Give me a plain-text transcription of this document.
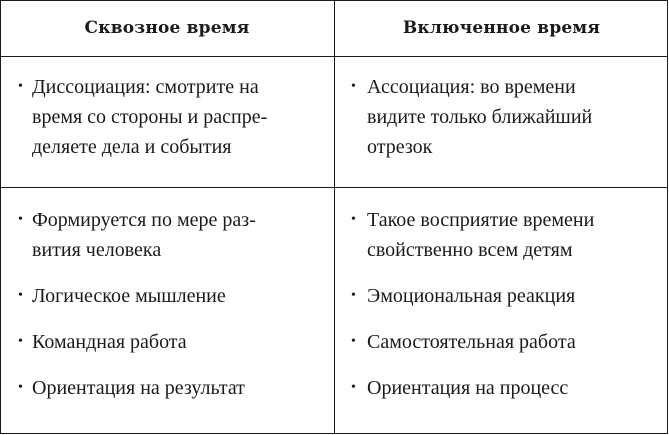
Сквозное время	Включенное время
• Диссоциация: смотрите на
время со стороны и распре-
деляете дела и события
• Ассоциация: во времени
видите только ближайший
отрезок
• Формируется по мере раз-
вития человека
• Логическое мышление
• Командная работа
• Ориентация на результат
• Такое восприятие времени
свойственно всем детям
• Эмоциональная реакция
• Самостоятельная работа
• Ориентация на процесс
